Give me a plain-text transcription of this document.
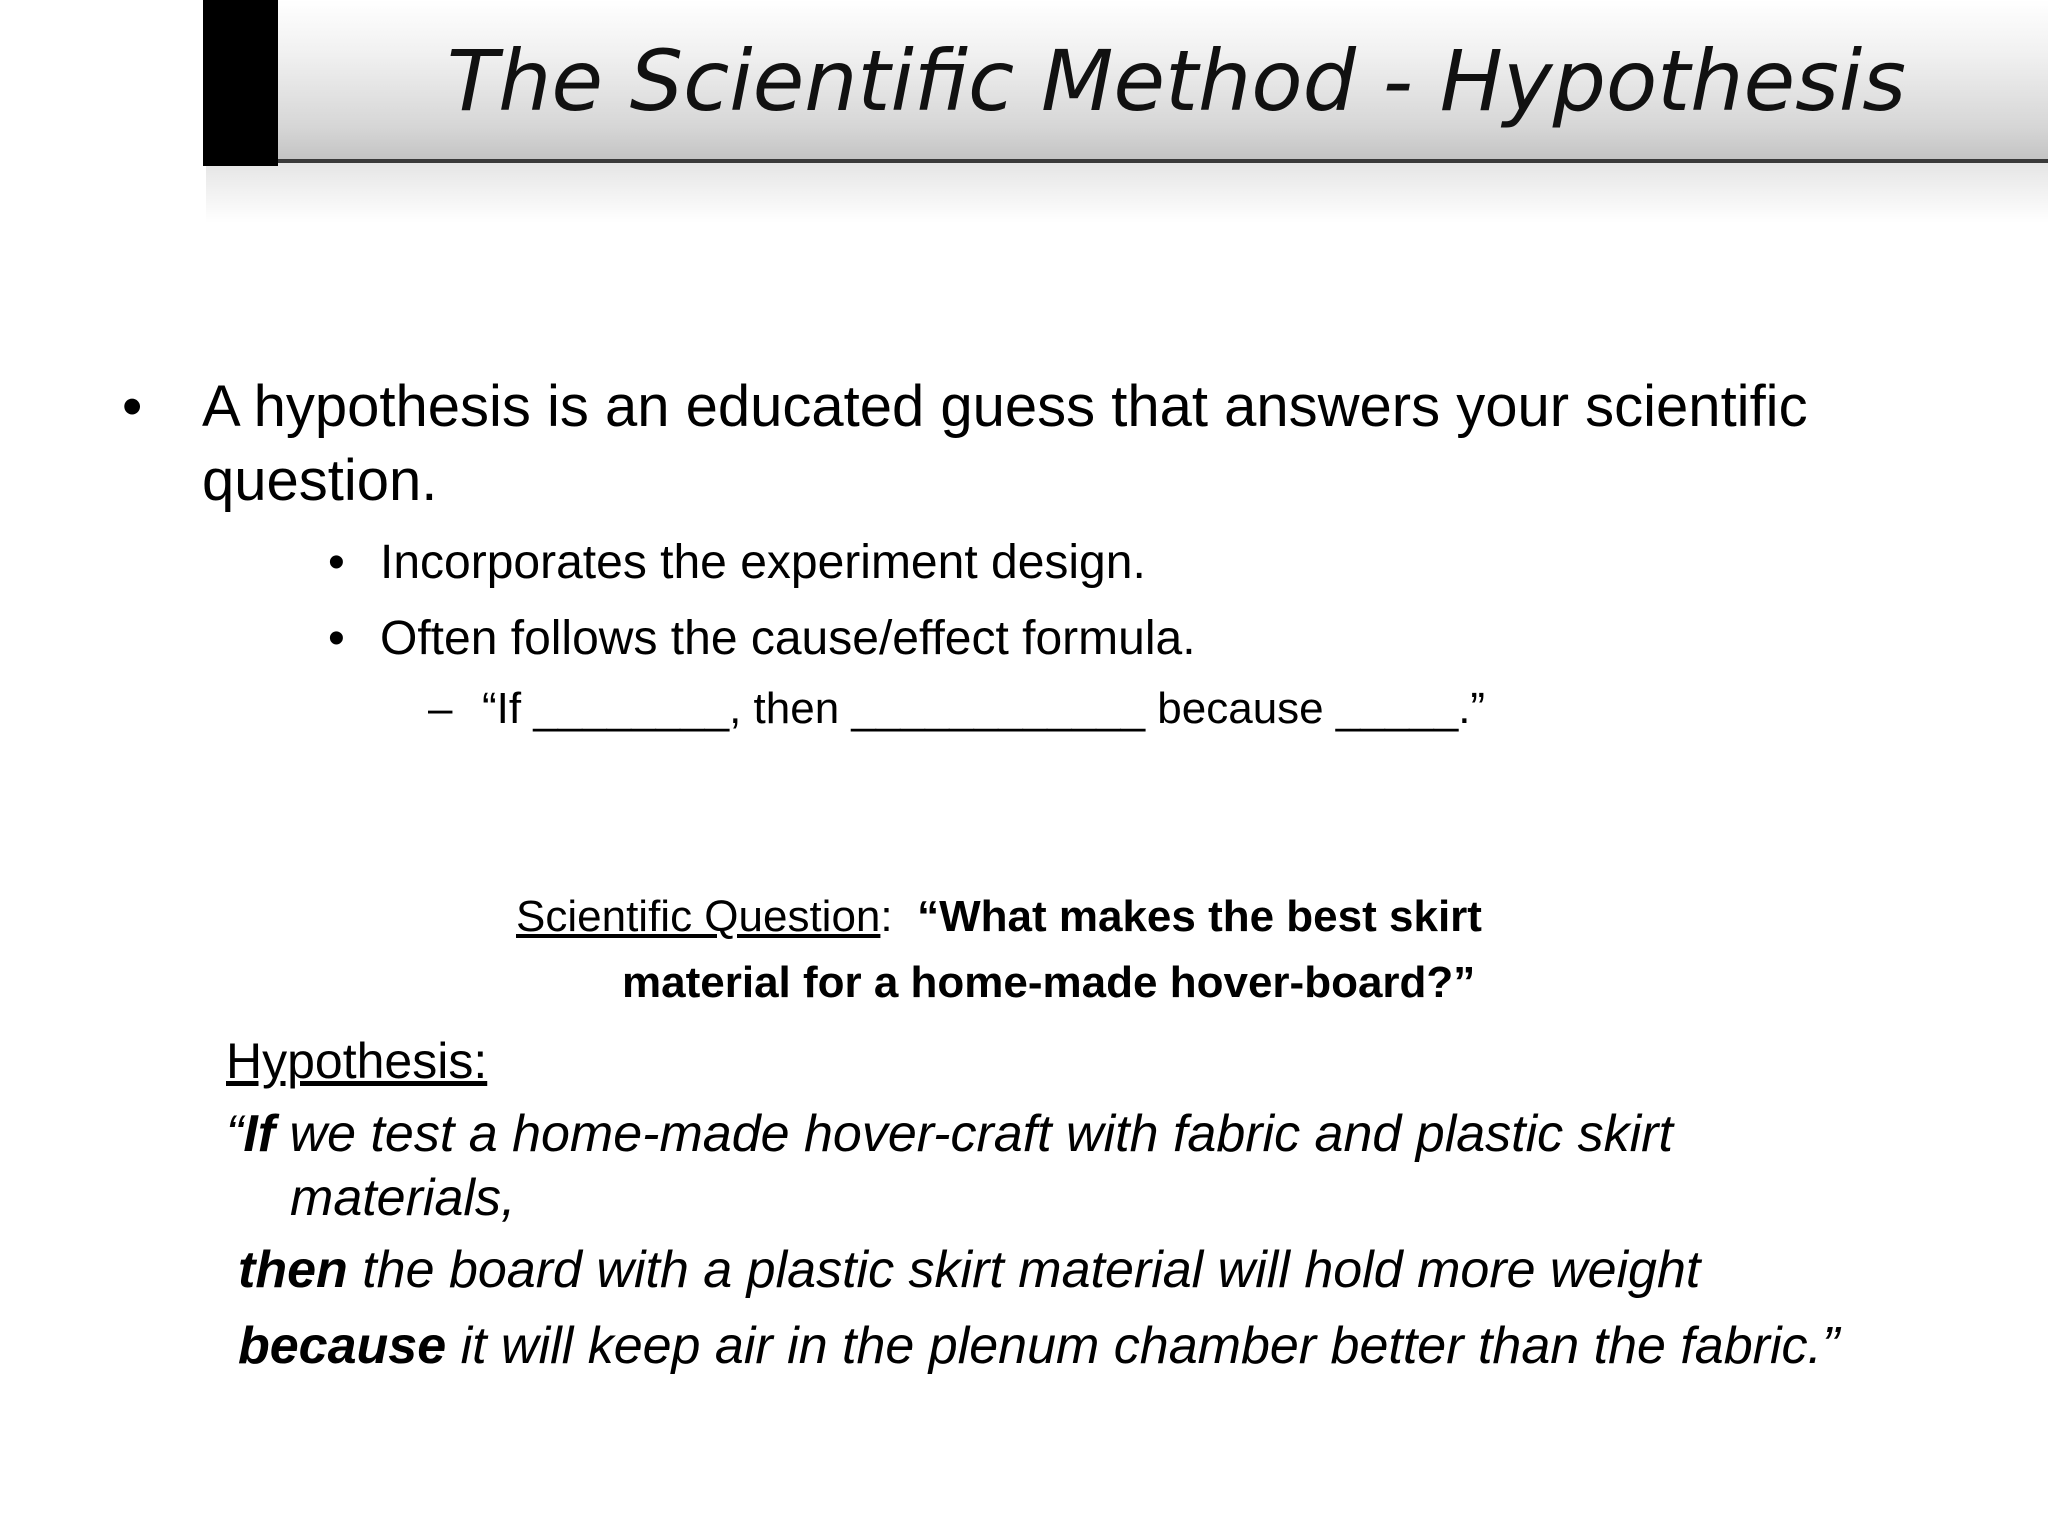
The Scientific Method - Hypothesis
• A hypothesis is an educated guess that answers your scientific
question.
• Incorporates the experiment design.
• Often follows the cause/effect formula.
– “If ________, then ____________ because _____.”
Scientific Question:  “What makes the best skirt
material for a home-made hover-board?”
Hypothesis:
“If we test a home-made hover-craft with fabric and plastic skirt
materials,
then the board with a plastic skirt material will hold more weight
because it will keep air in the plenum chamber better than the fabric.”
